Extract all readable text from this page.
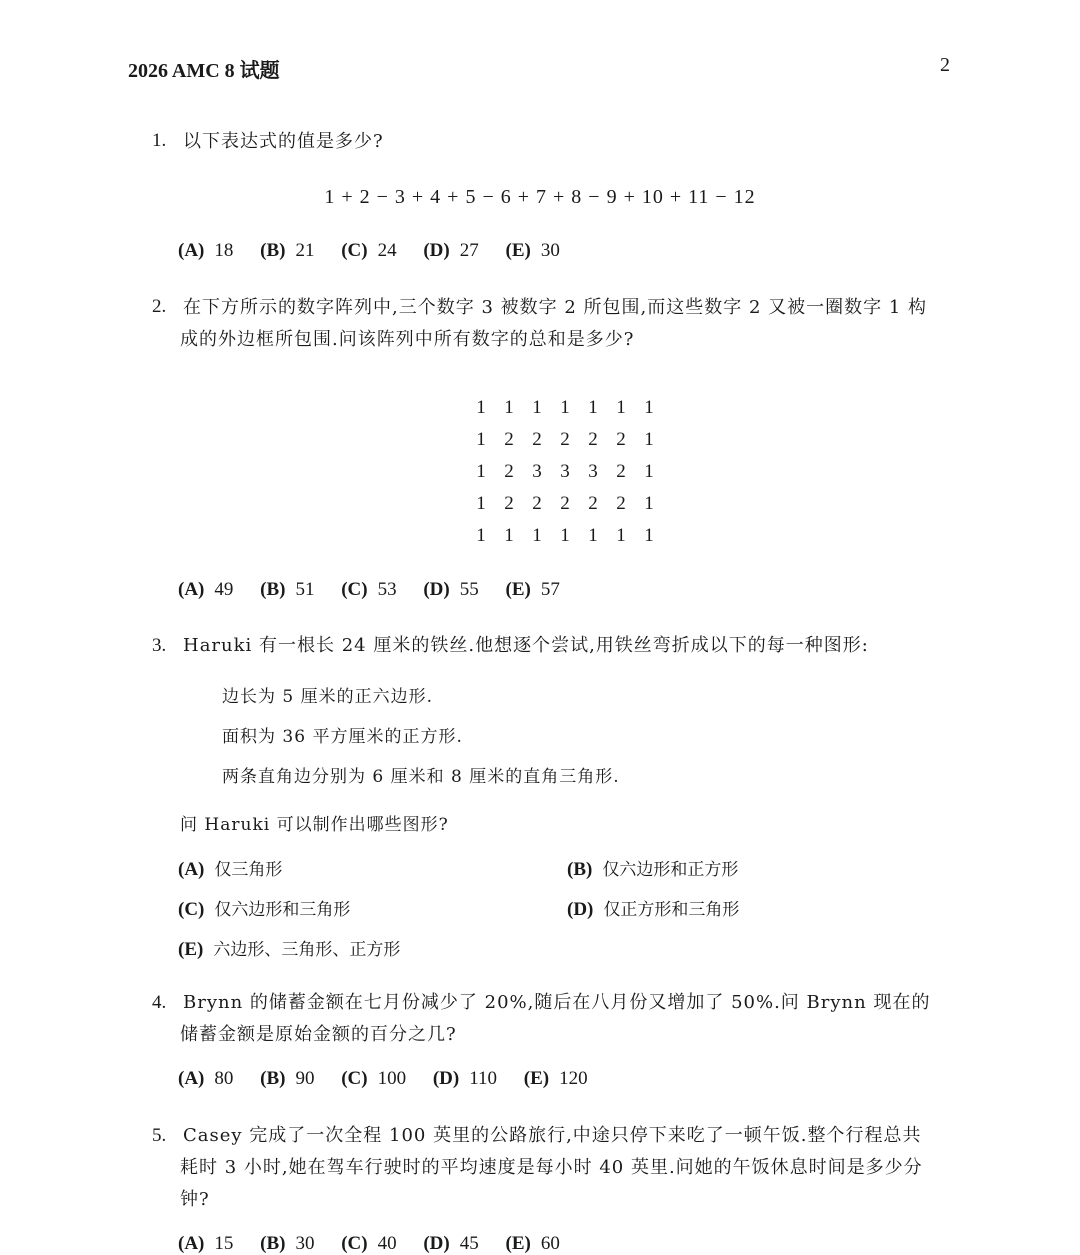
2026 AMC 8 试题	2
1. 以下表达式的值是多少?
1 + 2 − 3 + 4 + 5 − 6 + 7 + 8 − 9 + 10 + 11 − 12
(A) 18 (B) 21 (C) 24 (D) 27 (E) 30
2. 在下方所示的数字阵列中,三个数字 3 被数字 2 所包围,而这些数字 2 又被一圈数字 1 构
成的外边框所包围.问该阵列中所有数字的总和是多少?
1	1	1	1	1	1	1
1	2	2	2	2	2	1
1	2	3	3	3	2	1
1	2	2	2	2	2	1
1	1	1	1	1	1	1
(A) 49 (B) 51 (C) 53 (D) 55 (E) 57
3. Haruki 有一根长 24 厘米的铁丝.他想逐个尝试,用铁丝弯折成以下的每一种图形:
边长为 5 厘米的正六边形.
面积为 36 平方厘米的正方形.
两条直角边分别为 6 厘米和 8 厘米的直角三角形.
问 Haruki 可以制作出哪些图形?
(A) 仅三角形	(B) 仅六边形和正方形
(C) 仅六边形和三角形	(D) 仅正方形和三角形
(E) 六边形、三角形、正方形
4. Brynn 的储蓄金额在七月份减少了 20%,随后在八月份又增加了 50%.问 Brynn 现在的
储蓄金额是原始金额的百分之几?
(A) 80 (B) 90 (C) 100 (D) 110 (E) 120
5. Casey 完成了一次全程 100 英里的公路旅行,中途只停下来吃了一顿午饭.整个行程总共
耗时 3 小时,她在驾车行驶时的平均速度是每小时 40 英里.问她的午饭休息时间是多少分
钟?
(A) 15 (B) 30 (C) 40 (D) 45 (E) 60
